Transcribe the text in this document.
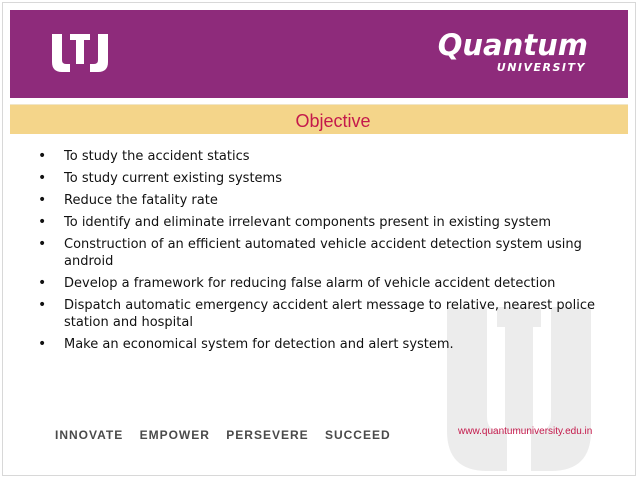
Quantum
UNIVERSITY
Objective
• To study the accident statics
• To study current existing systems
• Reduce the fatality rate
• To identify and eliminate irrelevant components present in existing system
• Construction of an efficient automated vehicle accident detection system using android
• Develop a framework for reducing false alarm of vehicle accident detection
• Dispatch automatic emergency accident alert message to relative, nearest police station and hospital
• Make an economical system for detection and alert system.
INNOVATE EMPOWER PERSEVERE SUCCEED	www.quantumuniversity.edu.in
